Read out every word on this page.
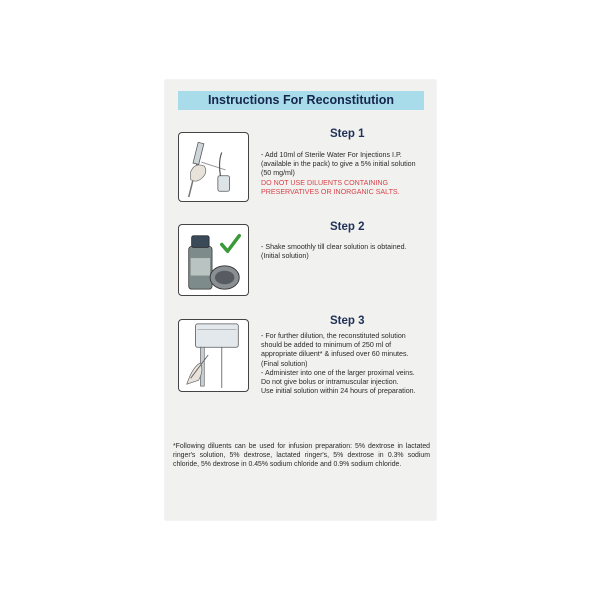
Instructions For Reconstitution
Step 1
- Add 10ml of Sterile Water For Injections I.P.
(available in the pack) to give a 5% initial solution
(50 mg/ml)
DO NOT USE DILUENTS CONTAINING
PRESERVATIVES OR INORGANIC SALTS.
Step 2
- Shake smoothly till clear solution is obtained.
(Initial solution)
Step 3
- For further dilution, the reconstituted solution
should be added to minimum of 250 ml of
appropriate diluent* & infused over 60 minutes.
(Final solution)
- Administer into one of the larger proximal veins.
Do not give bolus or intramuscular injection.
Use initial solution within 24 hours of preparation.
*Following diluents can be used for infusion preparation: 5% dextrose in lactated ringer's solution, 5% dextrose, lactated ringer's, 5% dextrose in 0.3% sodium chloride, 5% dextrose in 0.45% sodium chloride and 0.9% sodium chloride.
